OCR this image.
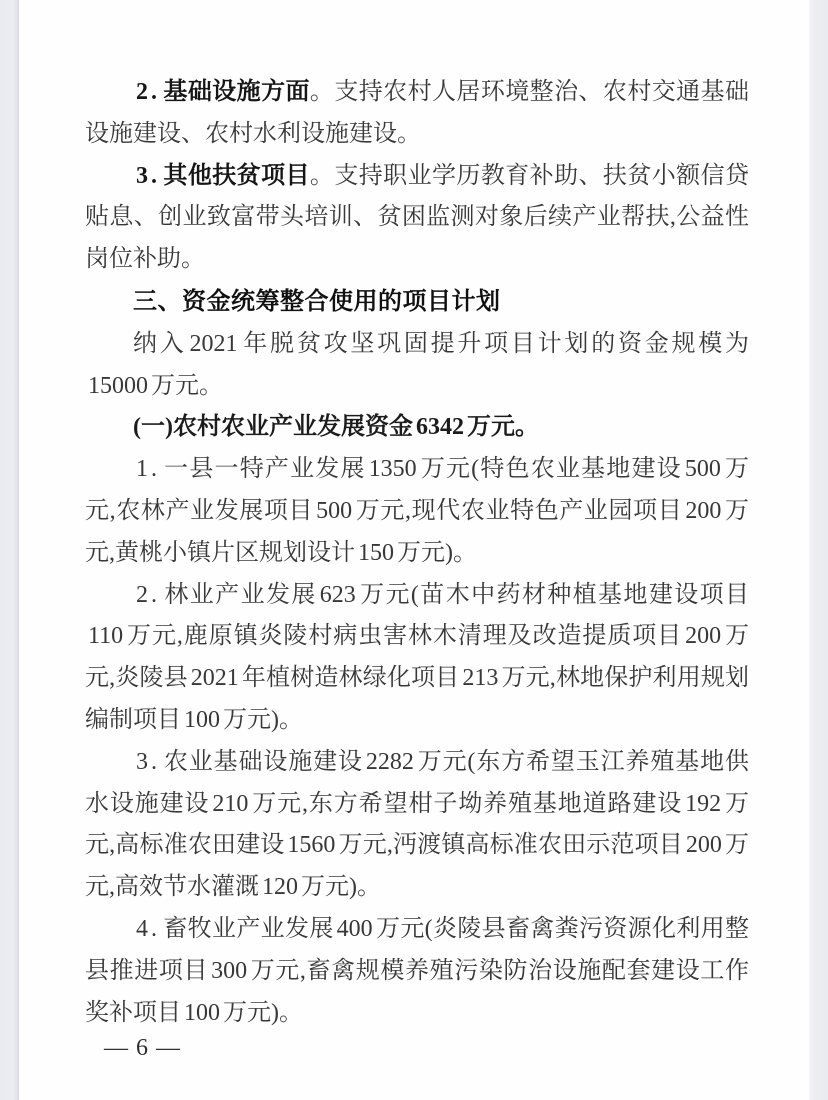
2 . 基础设施方面。支持农村人居环境整治、农村交通基础设施建设、农村水利设施建设。

3 . 其他扶贫项目。支持职业学历教育补助、扶贫小额信贷贴息、创业致富带头培训、贫困监测对象后续产业帮扶,公益性岗位补助。

三、资金统筹整合使用的项目计划

纳入 2021 年脱贫攻坚巩固提升项目计划的资金规模为15000 万元。

(一)农村农业产业发展资金 6342 万元。

1 . 一县一特产业发展 1350 万元(特色农业基地建设 500 万元,农林产业发展项目 500 万元,现代农业特色产业园项目 200 万元,黄桃小镇片区规划设计 150 万元)。

2 . 林业产业发展 623 万元(苗木中药材种植基地建设项目110 万元,鹿原镇炎陵村病虫害林木清理及改造提质项目 200 万元,炎陵县 2021 年植树造林绿化项目 213 万元,林地保护利用规划编制项目 100 万元)。

3 . 农业基础设施建设 2282 万元(东方希望玉江养殖基地供水设施建设 210 万元,东方希望柑子坳养殖基地道路建设 192 万元,高标准农田建设 1560 万元,沔渡镇高标准农田示范项目 200 万元,高效节水灌溉 120 万元)。

4 . 畜牧业产业发展 400 万元(炎陵县畜禽粪污资源化利用整县推进项目 300 万元,畜禽规模养殖污染防治设施配套建设工作奖补项目 100 万元)。

— 6 —
